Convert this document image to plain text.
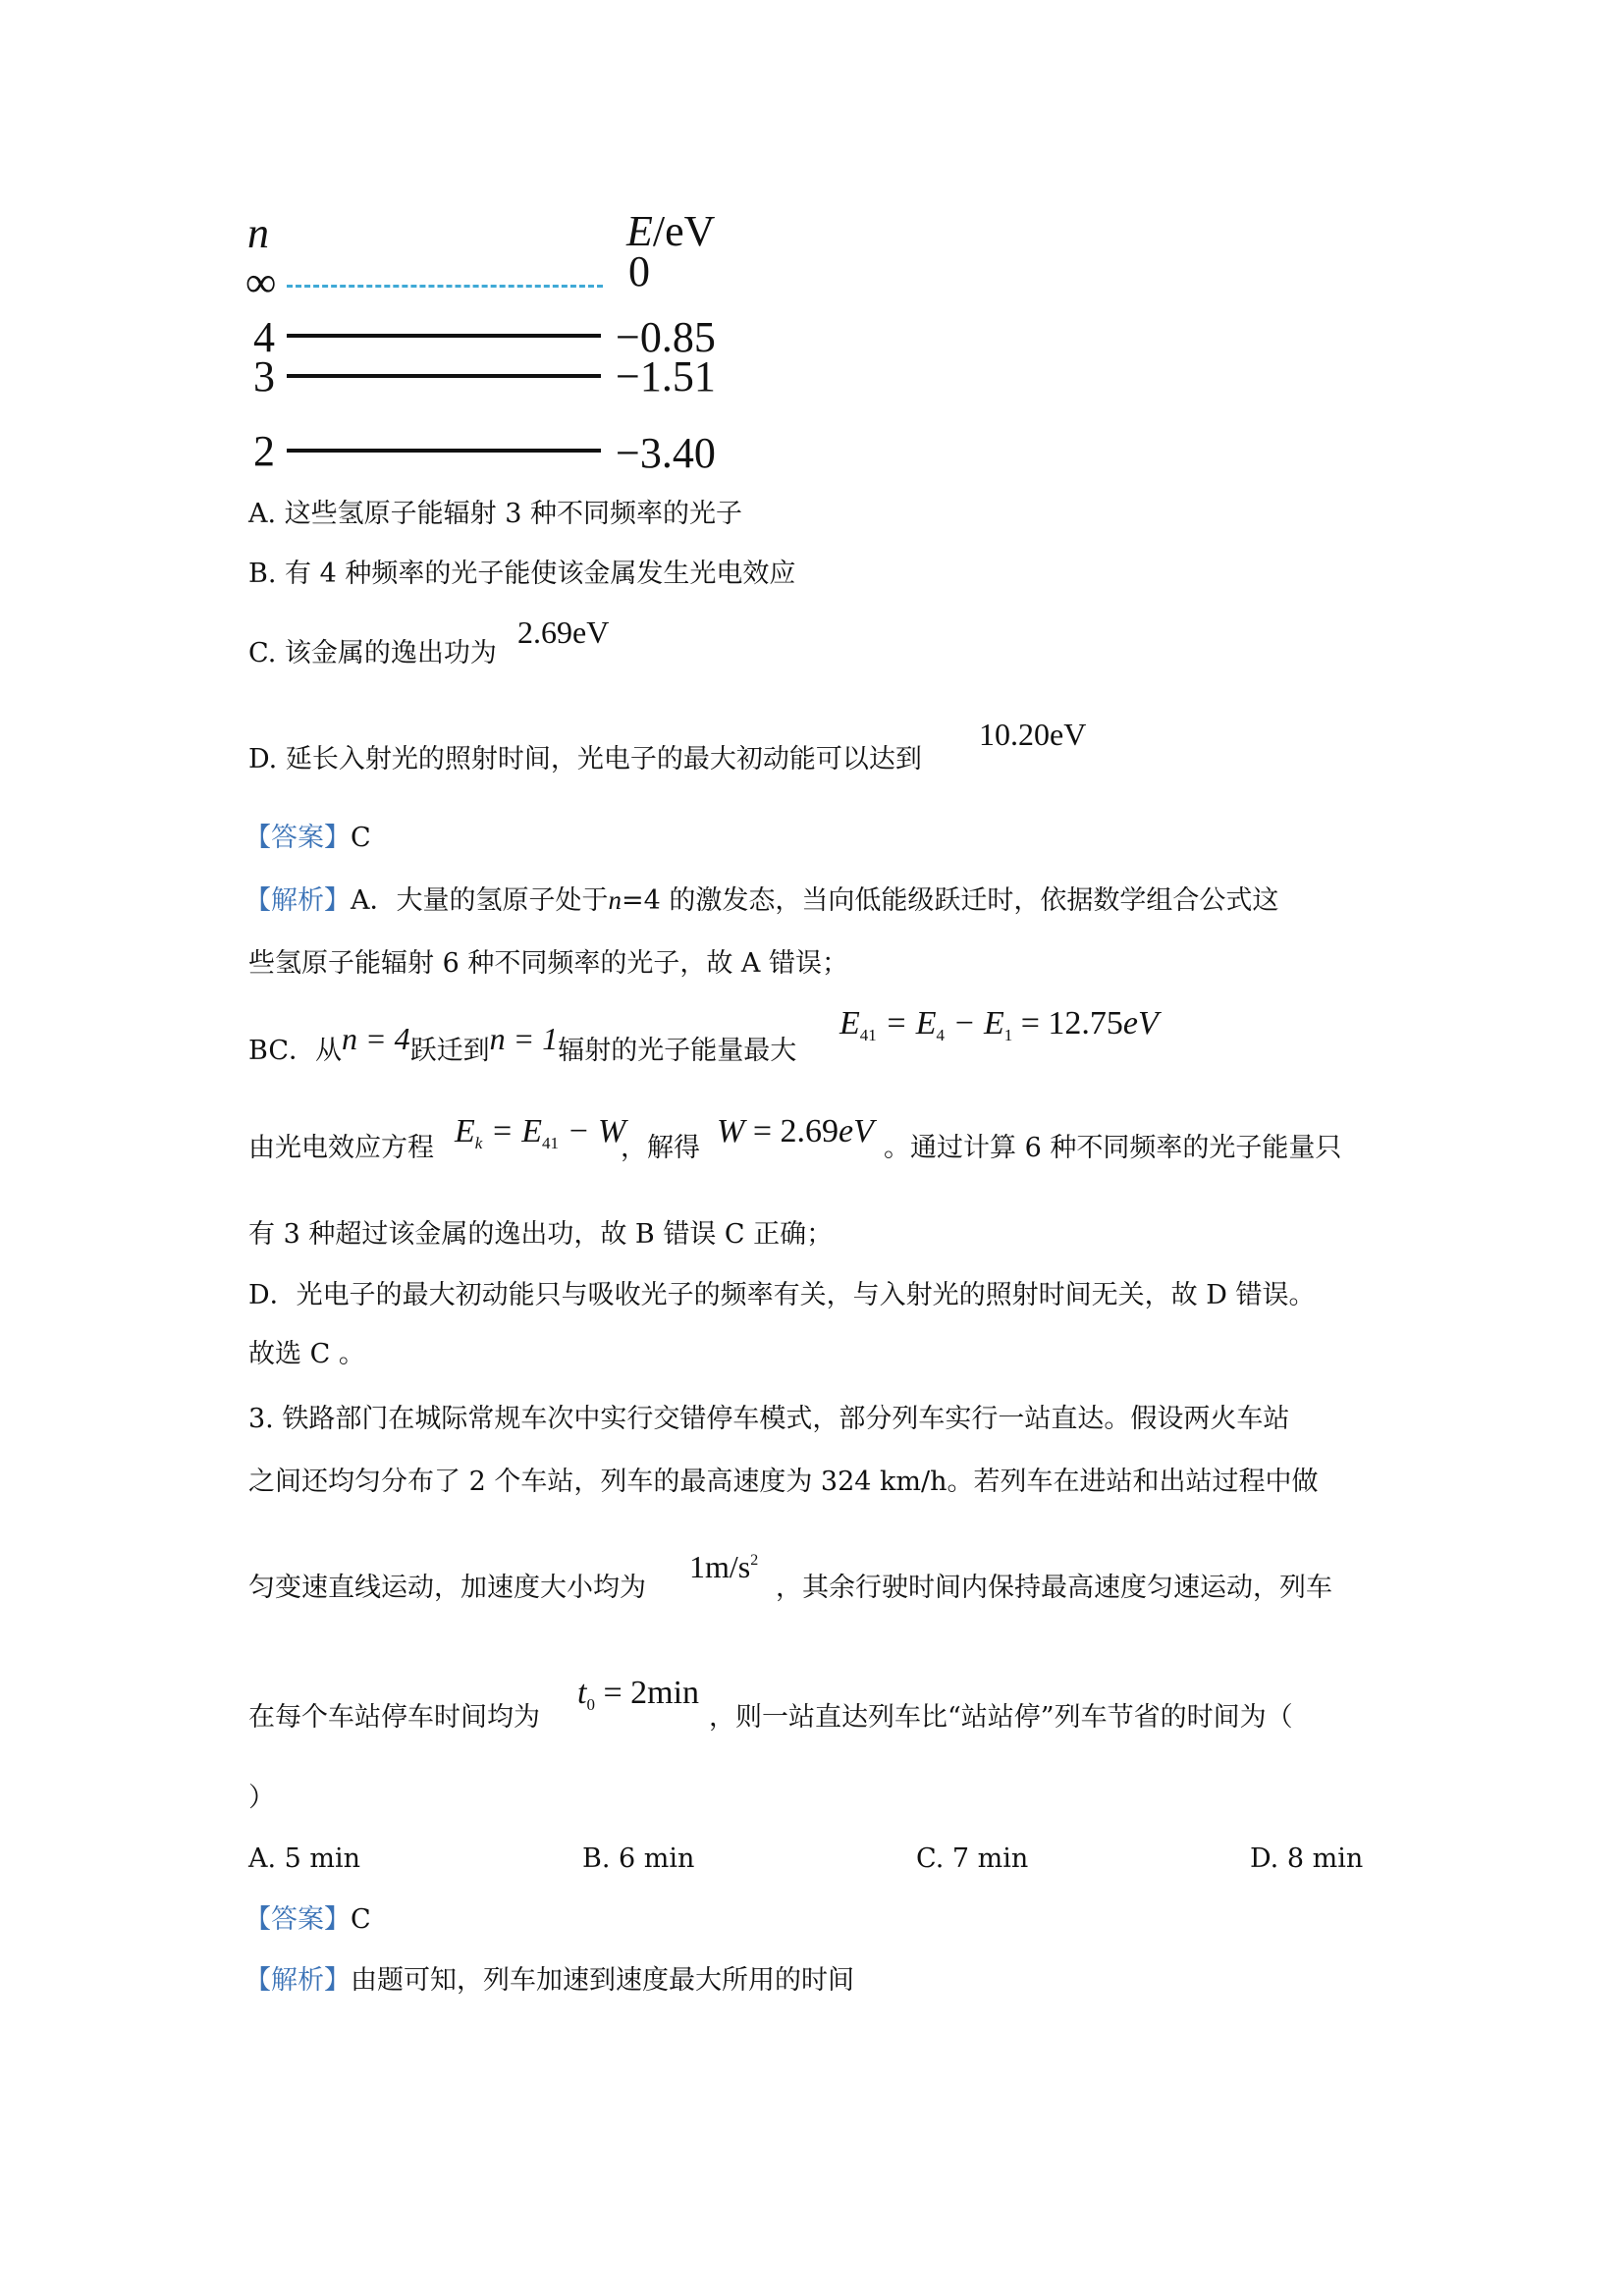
n	E/eV
∞	0
4	−0.85
3	−1.51
2	−3.40
A. 这些氢原子能辐射 3 种不同频率的光子
B. 有 4 种频率的光子能使该金属发生光电效应
C. 该金属的逸出功为
2.69eV
D. 延长入射光的照射时间，光电子的最大初动能可以达到
10.20eV
【答案】C
【解析】A．大量的氢原子处于n=4 的激发态，当向低能级跃迁时，依据数学组合公式这
些氢原子能辐射 6 种不同频率的光子，故 A 错误；
BC．从n = 4跃迁到n = 1辐射的光子能量最大
$E_{41} = E_4 - E_1 = 12.75eV$
由光电效应方程 $E_k = E_{41} - W$
，解得 W = 2.69eV 。通过计算 6 种不同频率的光子能量只
有 3 种超过该金属的逸出功，故 B 错误 C 正确；
D．光电子的最大初动能只与吸收光子的频率有关，与入射光的照射时间无关，故 D 错误。
故选 C 。
3. 铁路部门在城际常规车次中实行交错停车模式，部分列车实行一站直达。假设两火车站
之间还均匀分布了 2 个车站，列车的最高速度为 324 km/h。若列车在进站和出站过程中做
匀变速直线运动，加速度大小均为
$1m/s^2$
，其余行驶时间内保持最高速度匀速运动，列车
在每个车站停车时间均为
$t_0 = 2\min$
，则一站直达列车比“站站停”列车节省的时间为（
）
A. 5 min	B. 6 min	C. 7 min	D. 8 min
【答案】C
【解析】由题可知，列车加速到速度最大所用的时间
